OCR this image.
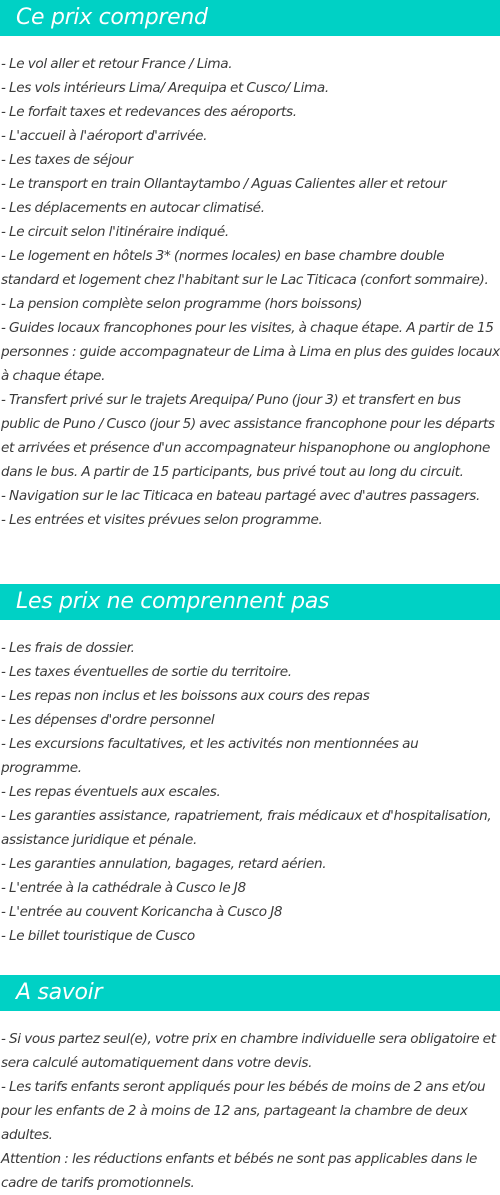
Ce prix comprend
- Le vol aller et retour France / Lima.
- Les vols intérieurs Lima/ Arequipa et Cusco/ Lima.
- Le forfait taxes et redevances des aéroports.
- L'accueil à l'aéroport d'arrivée.
- Les taxes de séjour
- Le transport en train Ollantaytambo / Aguas Calientes aller et retour
- Les déplacements en autocar climatisé.
- Le circuit selon l'itinéraire indiqué.
- Le logement en hôtels 3* (normes locales) en base chambre double standard et logement chez l'habitant sur le Lac Titicaca (confort sommaire).
- La pension complète selon programme (hors boissons)
- Guides locaux francophones pour les visites, à chaque étape. A partir de 15 personnes : guide accompagnateur de Lima à Lima en plus des guides locaux à chaque étape.
- Transfert privé sur le trajets Arequipa/ Puno (jour 3) et transfert en bus public de Puno / Cusco (jour 5) avec assistance francophone pour les départs et arrivées et présence d'un accompagnateur hispanophone ou anglophone dans le bus. A partir de 15 participants, bus privé tout au long du circuit.
- Navigation sur le lac Titicaca en bateau partagé avec d'autres passagers.
- Les entrées et visites prévues selon programme.
Les prix ne comprennent pas
- Les frais de dossier.
- Les taxes éventuelles de sortie du territoire.
- Les repas non inclus et les boissons aux cours des repas
- Les dépenses d'ordre personnel
- Les excursions facultatives, et les activités non mentionnées au programme.
- Les repas éventuels aux escales.
- Les garanties assistance, rapatriement, frais médicaux et d'hospitalisation, assistance juridique et pénale.
- Les garanties annulation, bagages, retard aérien.
- L'entrée à la cathédrale à Cusco le J8
- L'entrée au couvent Koricancha à Cusco J8
- Le billet touristique de Cusco
A savoir
- Si vous partez seul(e), votre prix en chambre individuelle sera obligatoire et sera calculé automatiquement dans votre devis.
- Les tarifs enfants seront appliqués pour les bébés de moins de 2 ans et/ou pour les enfants de 2 à moins de 12 ans, partageant la chambre de deux adultes.
Attention : les réductions enfants et bébés ne sont pas applicables dans le cadre de tarifs promotionnels.
